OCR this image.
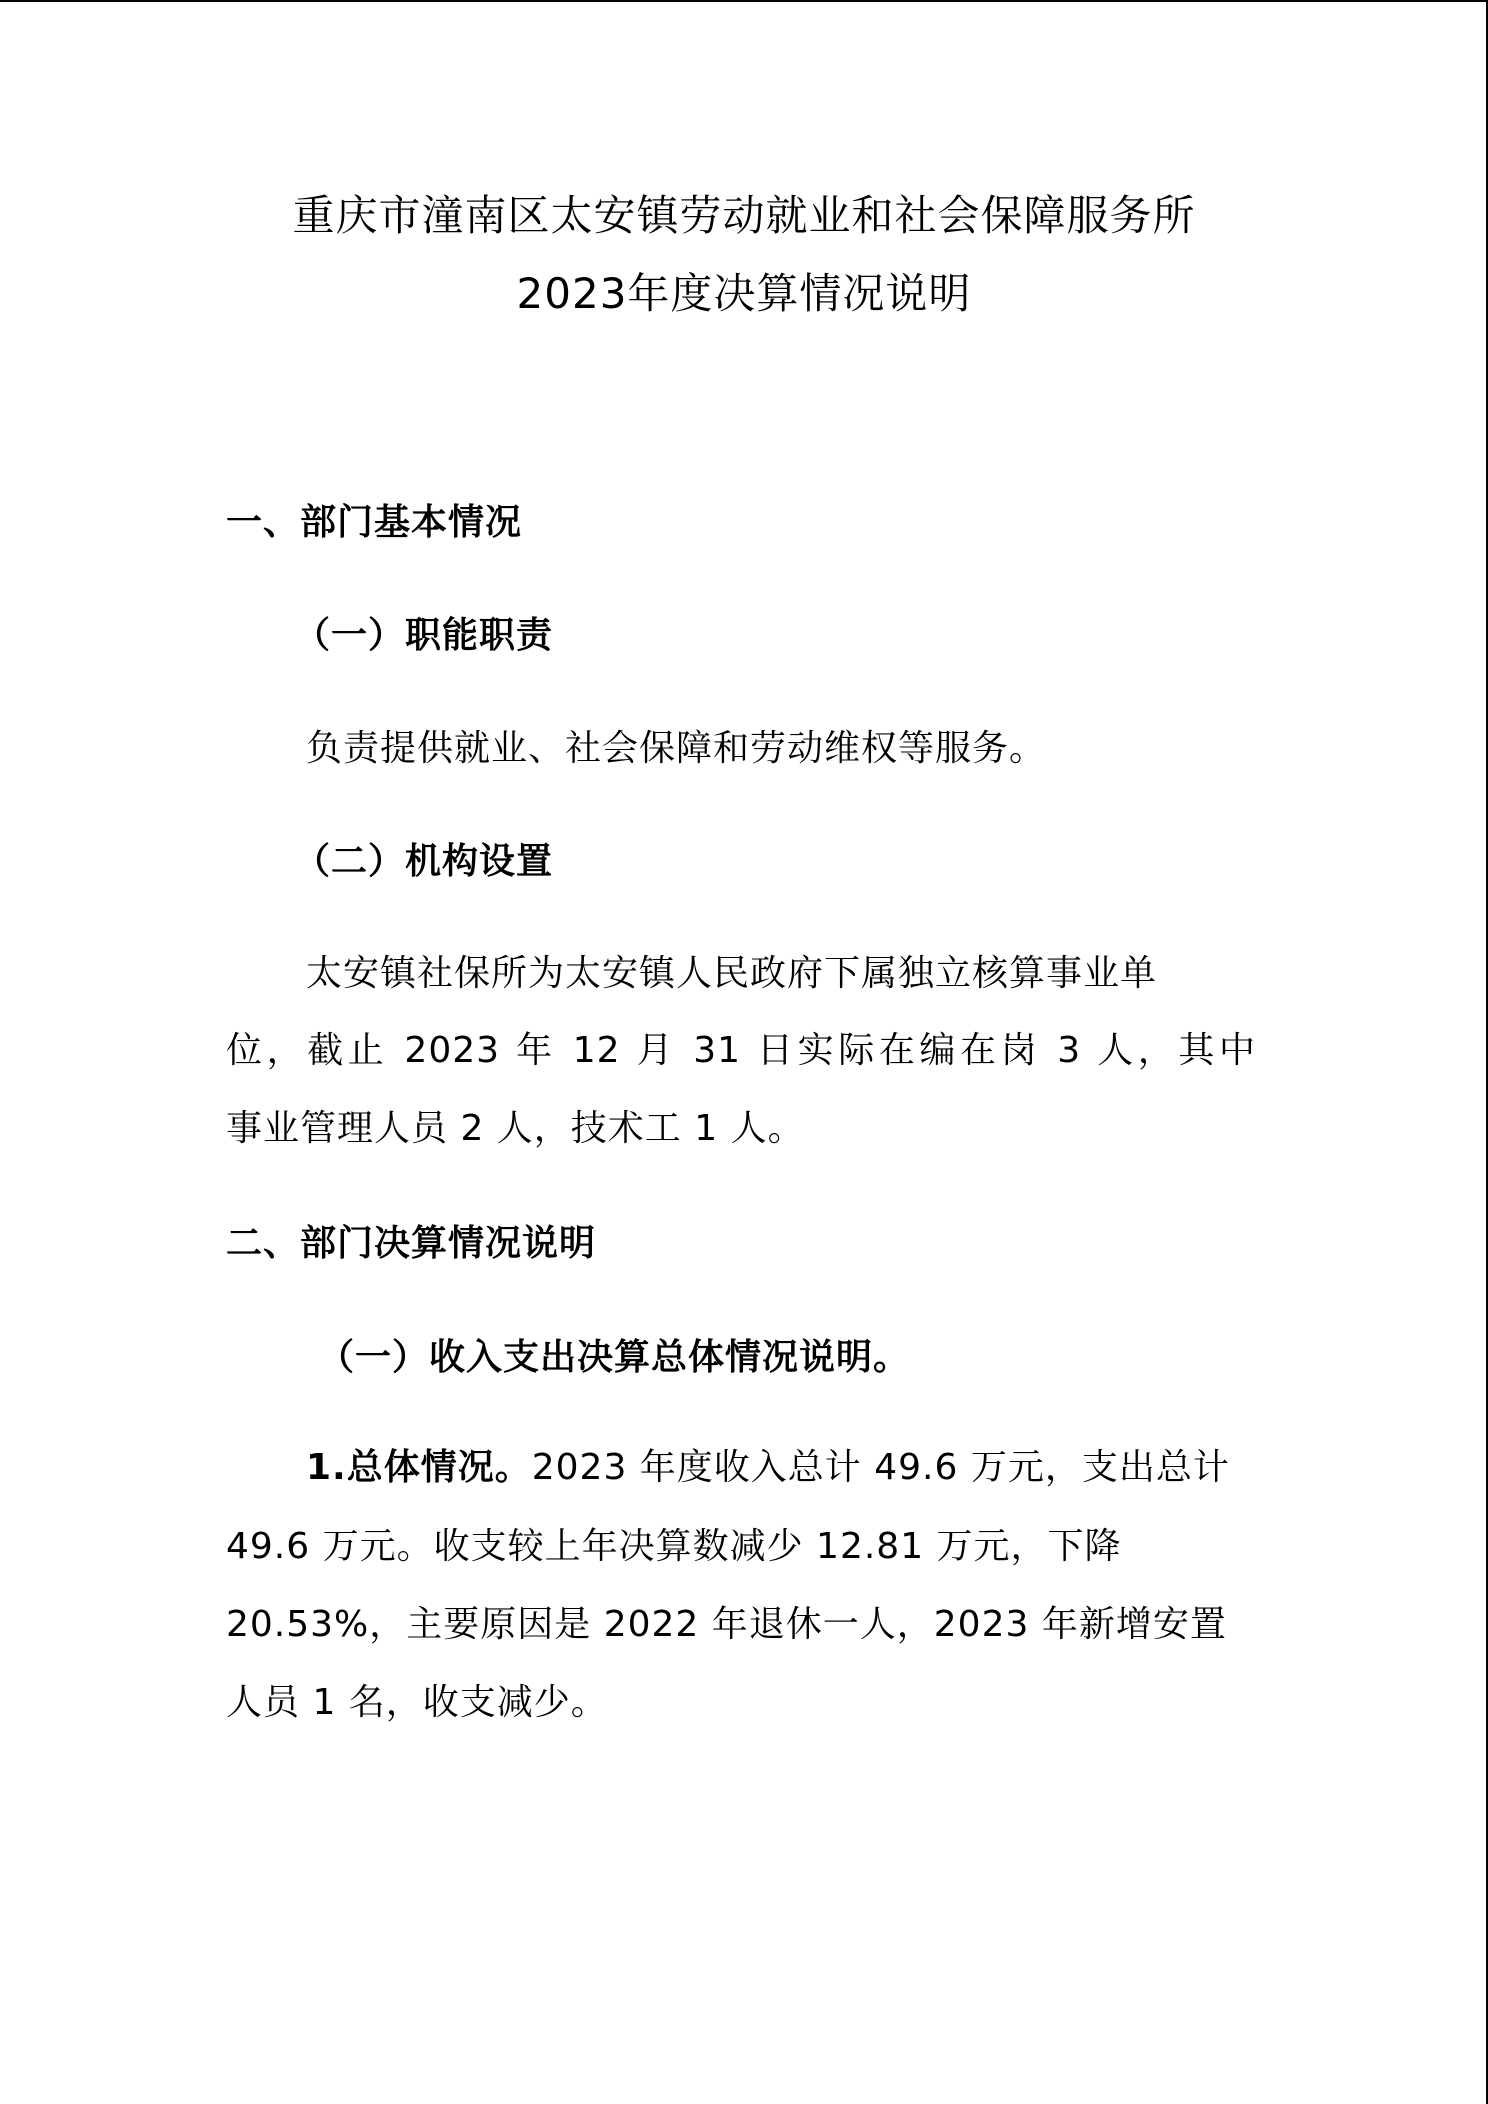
重庆市潼南区太安镇劳动就业和社会保障服务所
2023年度决算情况说明
一、部门基本情况
（一）职能职责
负责提供就业、社会保障和劳动维权等服务。
（二）机构设置
太安镇社保所为太安镇人民政府下属独立核算事业单
位，截止 2023 年 12 月 31 日实际在编在岗 3 人，其中
事业管理人员 2 人，技术工 1 人。
二、部门决算情况说明
（一）收入支出决算总体情况说明。
1.总体情况。2023 年度收入总计 49.6 万元，支出总计
49.6 万元。收支较上年决算数减少 12.81 万元，下降
20.53%，主要原因是 2022 年退休一人，2023 年新增安置
人员 1 名，收支减少。
